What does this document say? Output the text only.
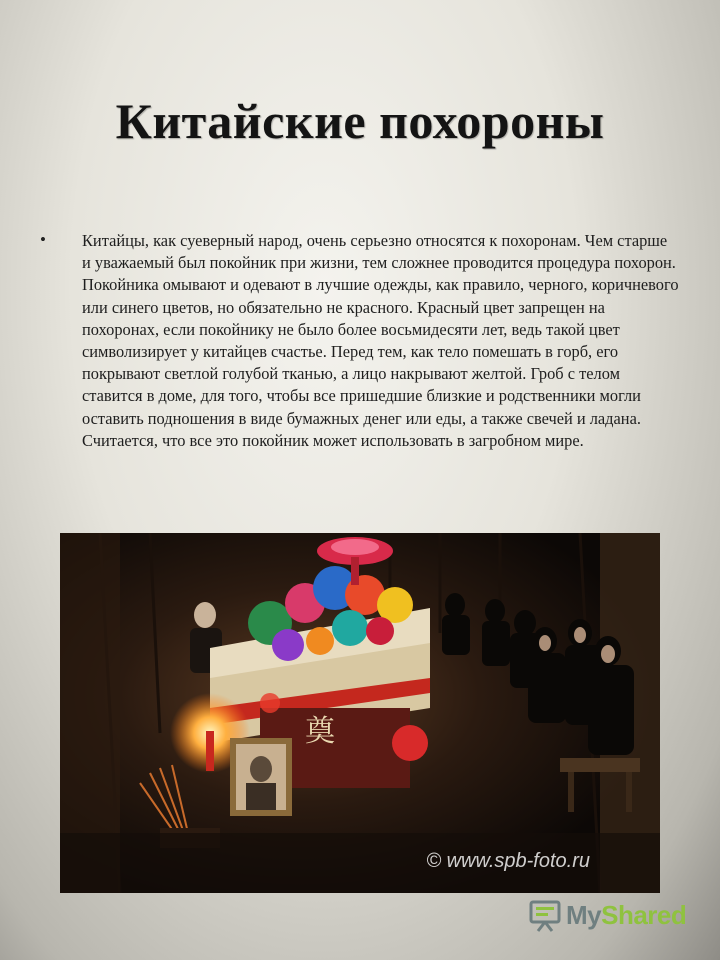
Китайские похороны
• Китайцы, как суеверный народ, очень серьезно относятся к похоронам. Чем старше и уважаемый был покойник при жизни, тем сложнее проводится процедура похорон. Покойника омывают и одевают в лучшие одежды, как правило, черного, коричневого или синего цветов, но обязательно не красного. Красный цвет запрещен на похоронах, если покойнику не было более восьмидесяти лет, ведь такой цвет символизирует у китайцев счастье. Перед тем, как тело помешать в горб, его покрывают светлой голубой тканью, а лицо накрывают желтой. Гроб с телом ставится в доме, для того, чтобы все пришедшие близкие и родственники могли оставить подношения в виде бумажных денег или еды, а также свечей и ладана. Считается, что все это покойник может использовать в загробном мире.
奠
© www.spb-foto.ru
MyShared
